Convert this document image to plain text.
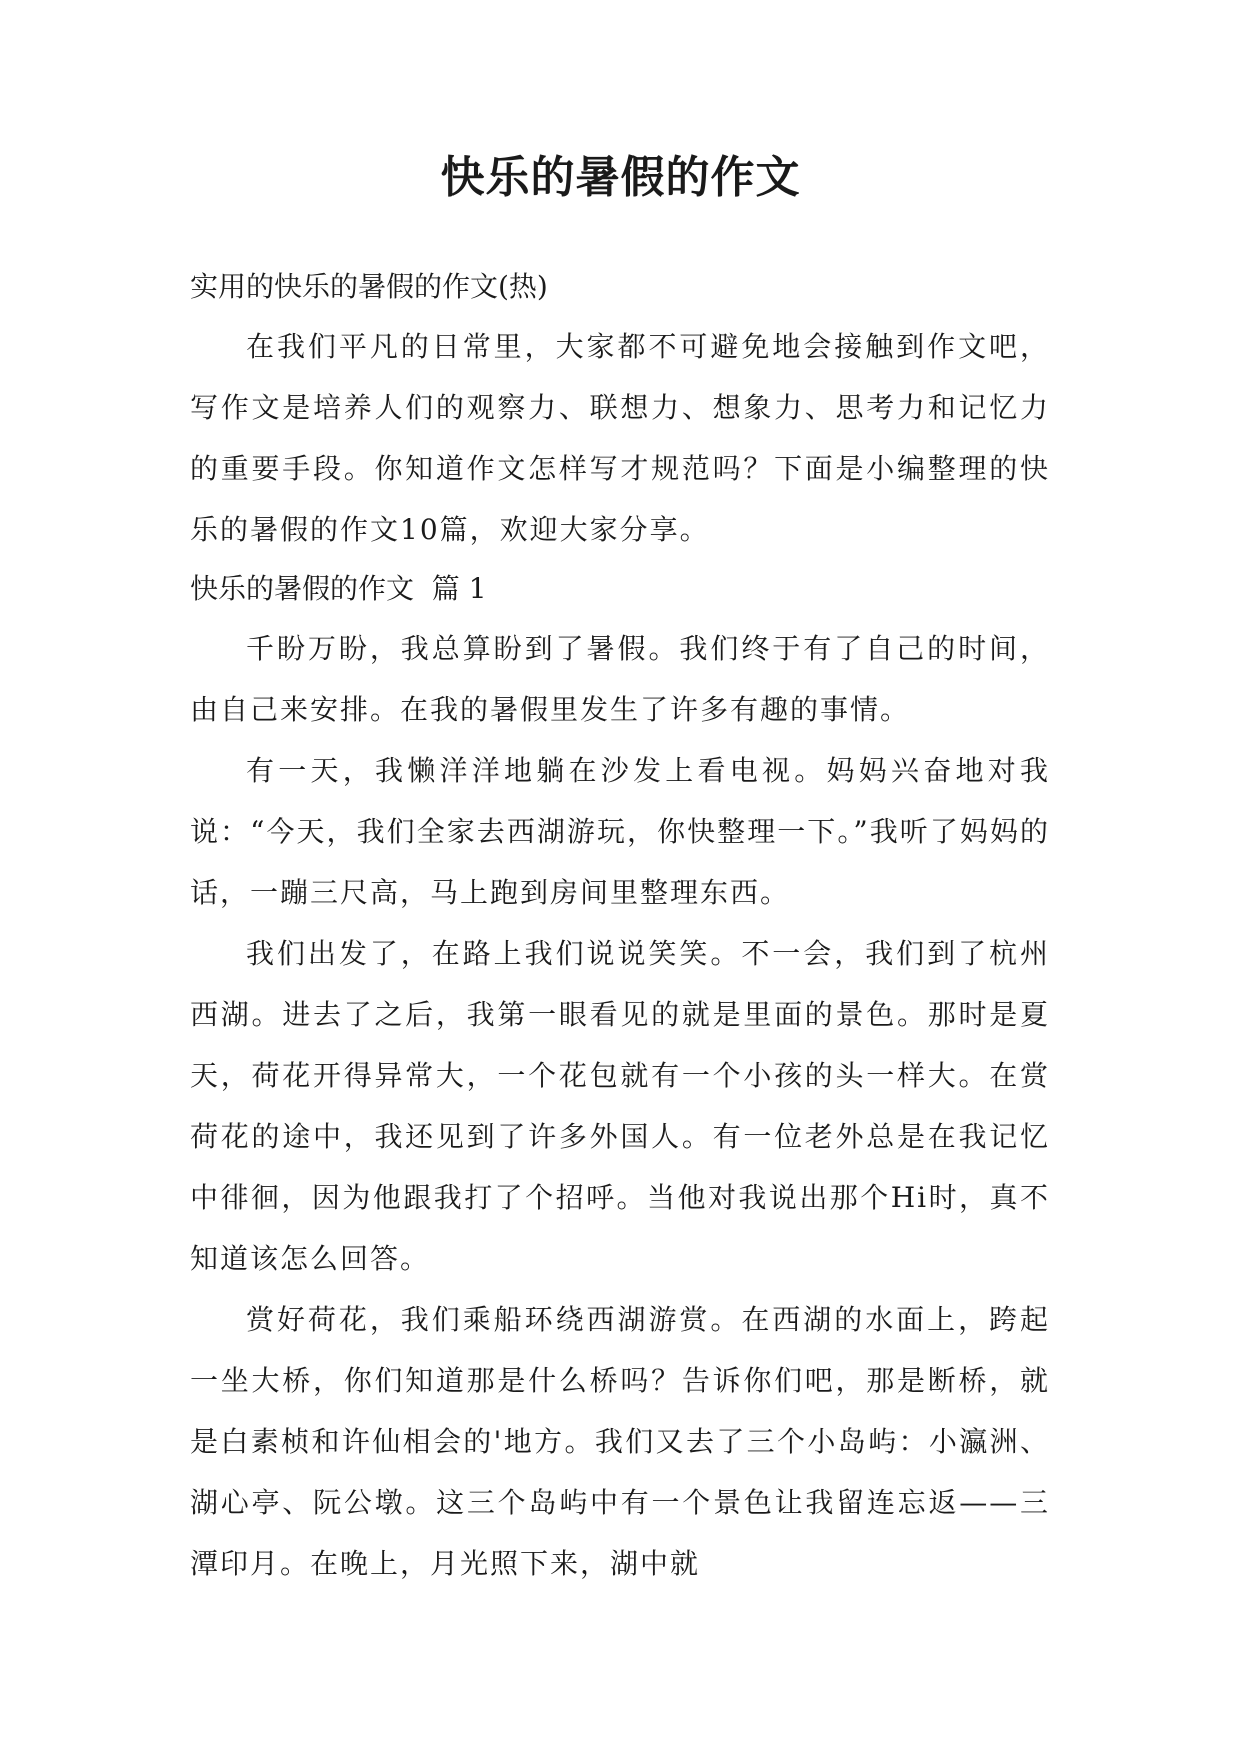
快乐的暑假的作文

实用的快乐的暑假的作文(热)

在我们平凡的日常里，大家都不可避免地会接触到作文吧，写作文是培养人们的观察力、联想力、想象力、思考力和记忆力的重要手段。你知道作文怎样写才规范吗？下面是小编整理的快乐的暑假的作文10篇，欢迎大家分享。

快乐的暑假的作文  篇 1

千盼万盼，我总算盼到了暑假。我们终于有了自己的时间，由自己来安排。在我的暑假里发生了许多有趣的事情。

有一天，我懒洋洋地躺在沙发上看电视。妈妈兴奋地对我说：“今天，我们全家去西湖游玩，你快整理一下。”我听了妈妈的话，一蹦三尺高，马上跑到房间里整理东西。

我们出发了，在路上我们说说笑笑。不一会，我们到了杭州西湖。进去了之后，我第一眼看见的就是里面的景色。那时是夏天，荷花开得异常大，一个花包就有一个小孩的头一样大。在赏荷花的途中，我还见到了许多外国人。有一位老外总是在我记忆中徘徊，因为他跟我打了个招呼。当他对我说出那个Hi时，真不知道该怎么回答。

赏好荷花，我们乘船环绕西湖游赏。在西湖的水面上，跨起一坐大桥，你们知道那是什么桥吗？告诉你们吧，那是断桥，就是白素桢和许仙相会的'地方。我们又去了三个小岛屿：小瀛洲、湖心亭、阮公墩。这三个岛屿中有一个景色让我留连忘返——三潭印月。在晚上，月光照下来，湖中就
